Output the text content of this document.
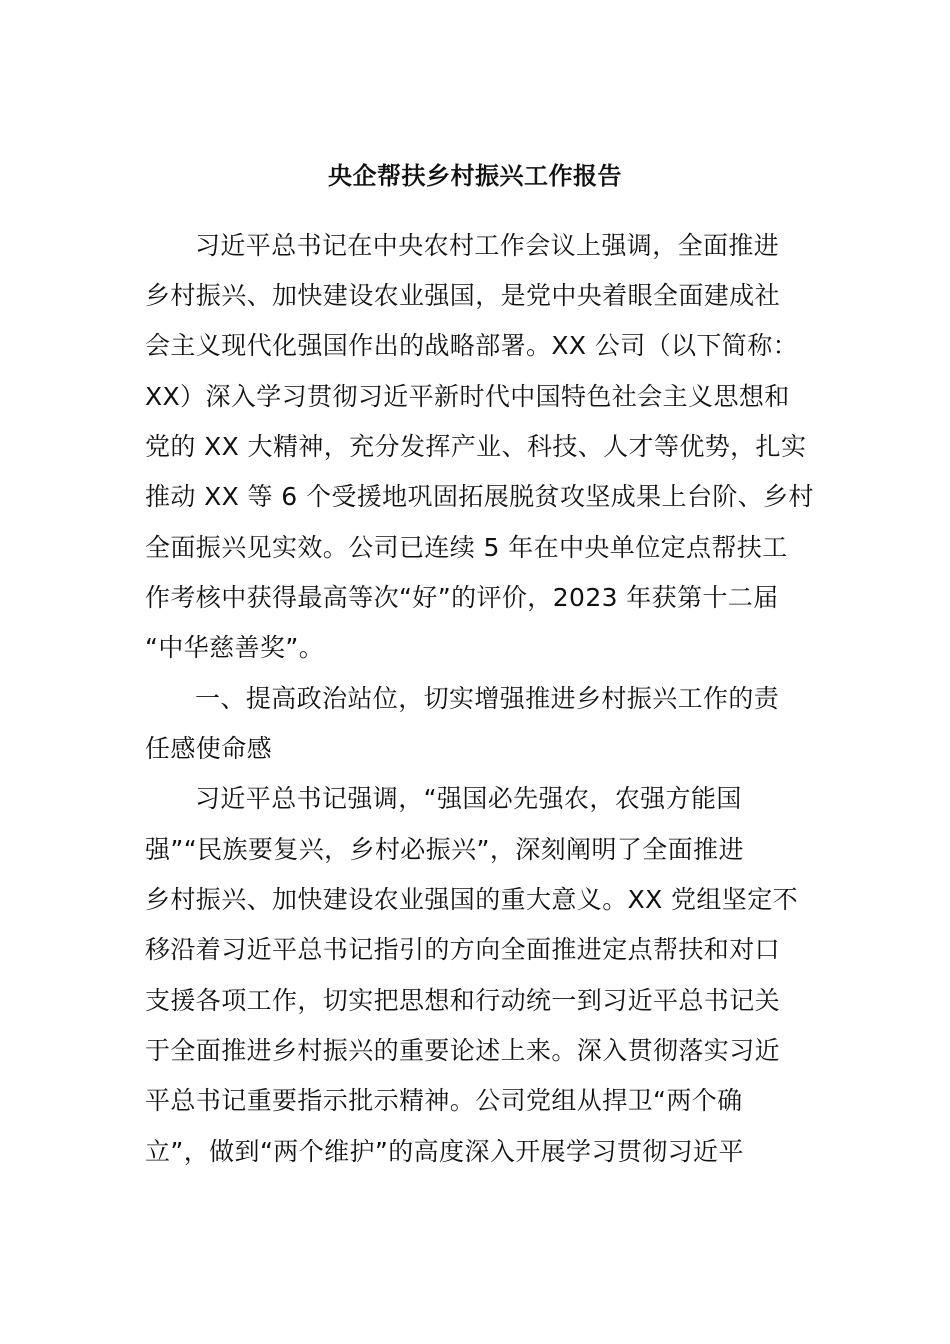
央企帮扶乡村振兴工作报告
习近平总书记在中央农村工作会议上强调，全面推进
乡村振兴、加快建设农业强国，是党中央着眼全面建成社
会主义现代化强国作出的战略部署。XX 公司（以下简称：
XX）深入学习贯彻习近平新时代中国特色社会主义思想和
党的 XX 大精神，充分发挥产业、科技、人才等优势，扎实
推动 XX 等 6 个受援地巩固拓展脱贫攻坚成果上台阶、乡村
全面振兴见实效。公司已连续 5 年在中央单位定点帮扶工
作考核中获得最高等次“好”的评价，2023 年获第十二届
“中华慈善奖”。
一、提高政治站位，切实增强推进乡村振兴工作的责
任感使命感
习近平总书记强调，“强国必先强农，农强方能国
强”“民族要复兴，乡村必振兴”，深刻阐明了全面推进
乡村振兴、加快建设农业强国的重大意义。XX 党组坚定不
移沿着习近平总书记指引的方向全面推进定点帮扶和对口
支援各项工作，切实把思想和行动统一到习近平总书记关
于全面推进乡村振兴的重要论述上来。深入贯彻落实习近
平总书记重要指示批示精神。公司党组从捍卫“两个确
立”，做到“两个维护”的高度深入开展学习贯彻习近平
